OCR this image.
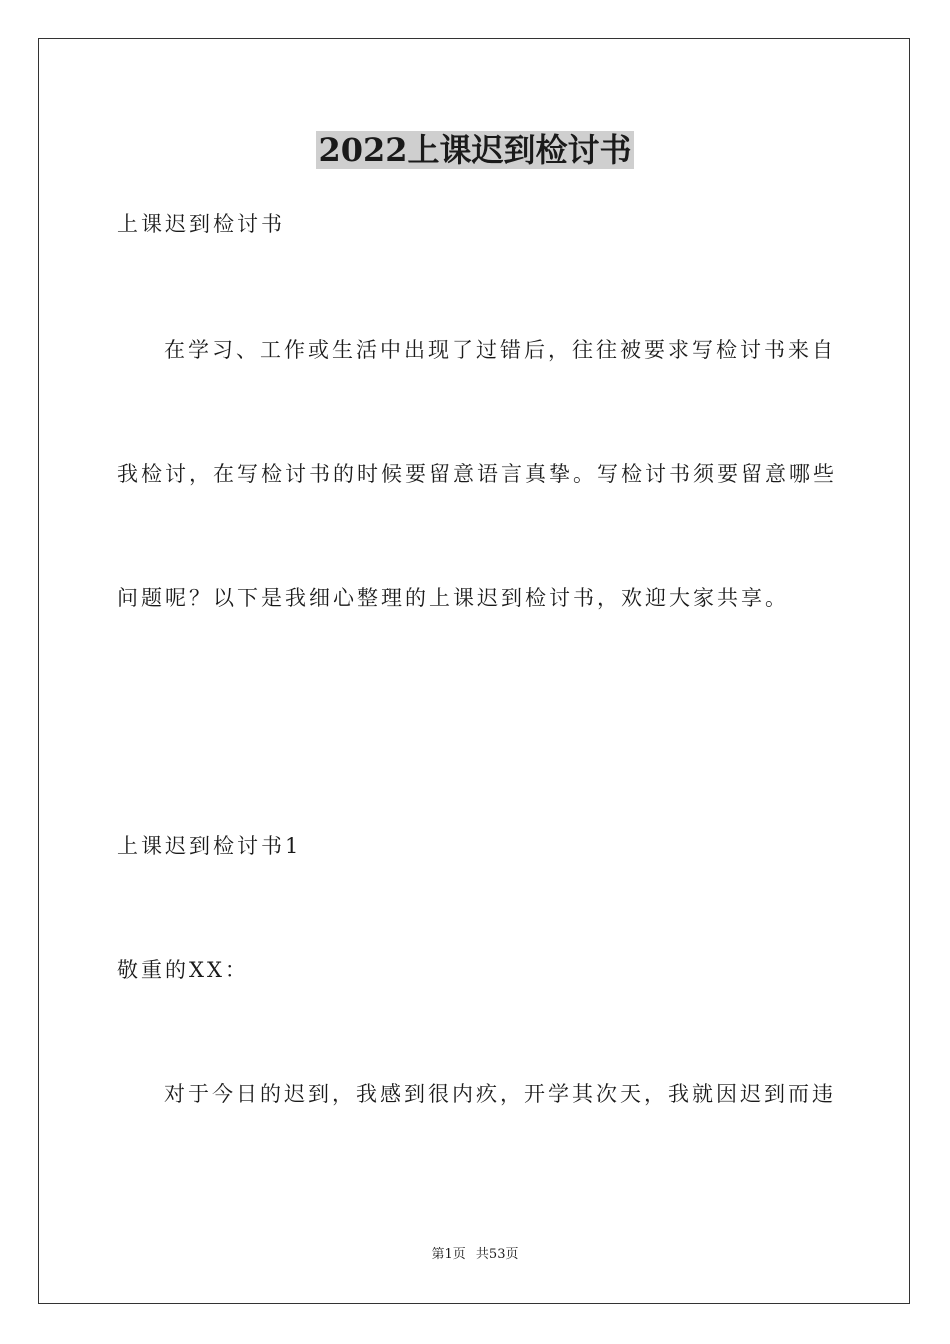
2022上课迟到检讨书
上课迟到检讨书
在学习、工作或生活中出现了过错后，往往被要求写检讨书来自
我检讨，在写检讨书的时候要留意语言真挚。写检讨书须要留意哪些
问题呢？以下是我细心整理的上课迟到检讨书，欢迎大家共享。
上课迟到检讨书1
敬重的XX：
对于今日的迟到，我感到很内疚，开学其次天，我就因迟到而违
第1页 共53页
